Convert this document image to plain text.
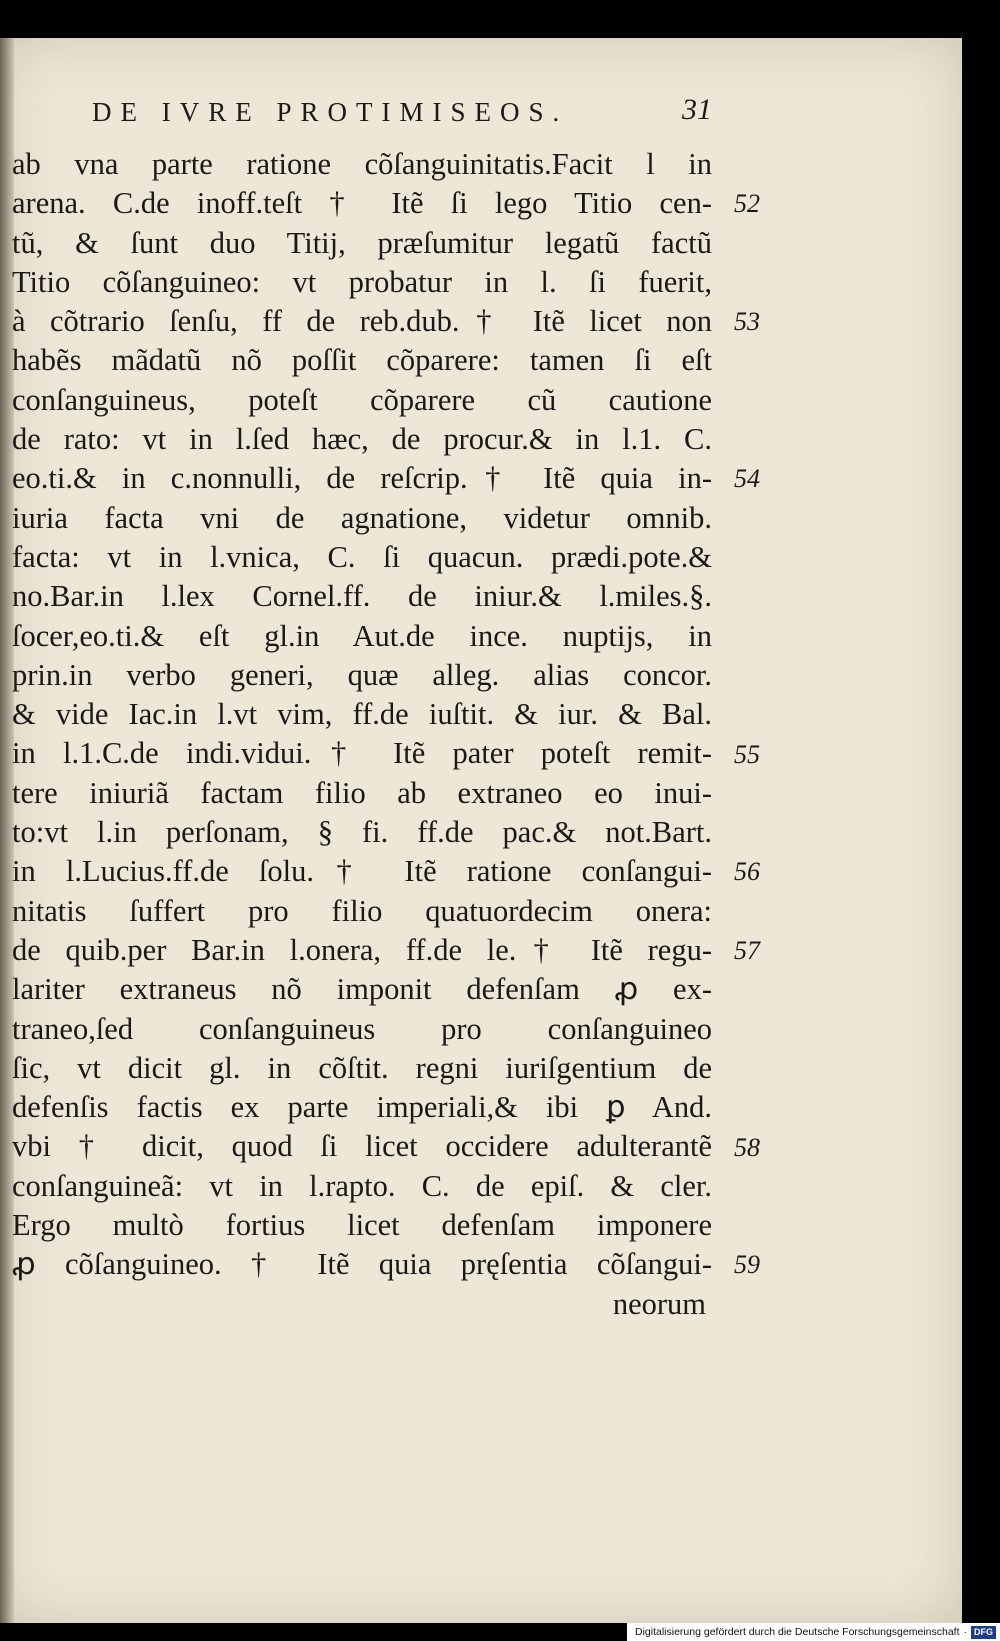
DE IVRE PROTIMISEOS.	31
ab vna parte ratione cõſanguinitatis.Facit l in
arena. C.de inoff.teſt † Itẽ ſi lego Titio cen-
tũ, & ſunt duo Titij, præſumitur legatũ factũ
Titio cõſanguineo: vt probatur in l. ſi fuerit,
à cõtrario ſenſu, ff de reb.dub.† Itẽ licet non
habẽs mãdatũ nõ poſſit cõparere: tamen ſi eſt
conſanguineus, poteſt cõparere cũ cautione
de rato: vt in l.ſed hæc, de procur.& in l.1. C.
eo.ti.& in c.nonnulli, de reſcrip.† Itẽ quia in-
iuria facta vni de agnatione, videtur omnib.
facta: vt in l.vnica, C. ſi quacun. prædi.pote.&
no.Bar.in l.lex Cornel.ff. de iniur.& l.miles.§.
ſocer,eo.ti.& eſt gl.in Aut.de ince. nuptijs, in
prin.in verbo generi, quæ alleg. alias concor.
& vide Iac.in l.vt vim, ff.de iuſtit. & iur. & Bal.
in l.1.C.de indi.vidui.† Itẽ pater poteſt remit-
tere iniuriã factam filio ab extraneo eo inui-
to:vt l.in perſonam, § fi. ff.de pac.& not.Bart.
in l.Lucius.ff.de ſolu.† Itẽ ratione conſangui-
nitatis ſuffert pro filio quatuordecim onera:
de quib.per Bar.in l.onera, ff.de le.† Itẽ regu-
lariter extraneus nõ imponit defenſam ꝓ ex-
traneo,ſed conſanguineus pro conſanguineo
ſic, vt dicit gl. in cõſtit. regni iuriſgentium de
defenſis factis ex parte imperiali,& ibi ꝑ And.
vbi † dicit, quod ſi licet occidere adulterantẽ
conſanguineã: vt in l.rapto. C. de epiſ. & cler.
Ergo multò fortius licet defenſam imponere
ꝓ cõſanguineo. † Itẽ quia pręſentia cõſangui-
neorum
52
53
54
55
56
57
58
59
Digitalisierung gefördert durch die Deutsche Forschungsgemeinschaft · DFG
